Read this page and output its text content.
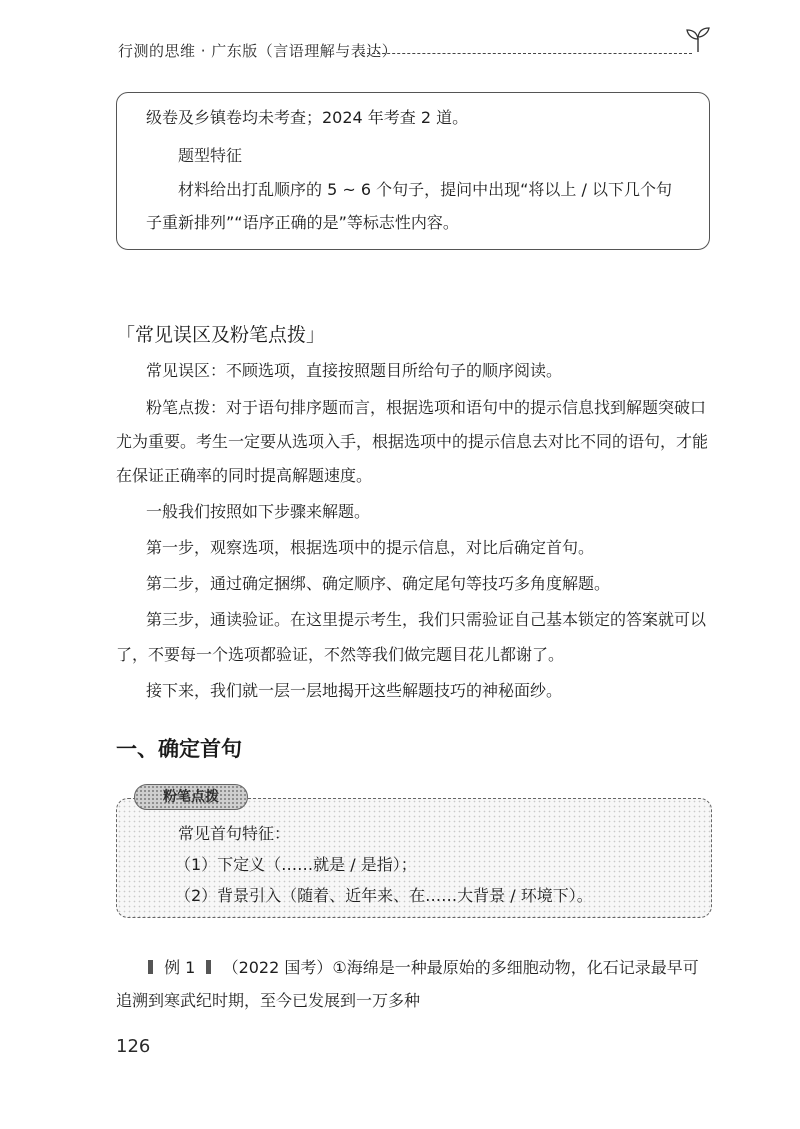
行测的思维 · 广东版（言语理解与表达）
级卷及乡镇卷均未考查；2024 年考查 2 道。
题型特征
材料给出打乱顺序的 5 ~ 6 个句子，提问中出现“将以上 / 以下几个句
子重新排列”“语序正确的是”等标志性内容。
「常见误区及粉笔点拨」
常见误区：不顾选项，直接按照题目所给句子的顺序阅读。
粉笔点拨：对于语句排序题而言，根据选项和语句中的提示信息找到解题突破口
尤为重要。考生一定要从选项入手，根据选项中的提示信息去对比不同的语句，才能
在保证正确率的同时提高解题速度。
一般我们按照如下步骤来解题。
第一步，观察选项，根据选项中的提示信息，对比后确定首句。
第二步，通过确定捆绑、确定顺序、确定尾句等技巧多角度解题。
第三步，通读验证。在这里提示考生，我们只需验证自己基本锁定的答案就可以
了，不要每一个选项都验证，不然等我们做完题目花儿都谢了。
接下来，我们就一层一层地揭开这些解题技巧的神秘面纱。
一、确定首句
粉笔点拨
常见首句特征：
（1）下定义（……就是 / 是指）；
（2）背景引入（随着、近年来、在……大背景 / 环境下）。
例 1 （2022 国考）①海绵是一种最原始的多细胞动物，化石记录最早可
追溯到寒武纪时期，至今已发展到一万多种
126
